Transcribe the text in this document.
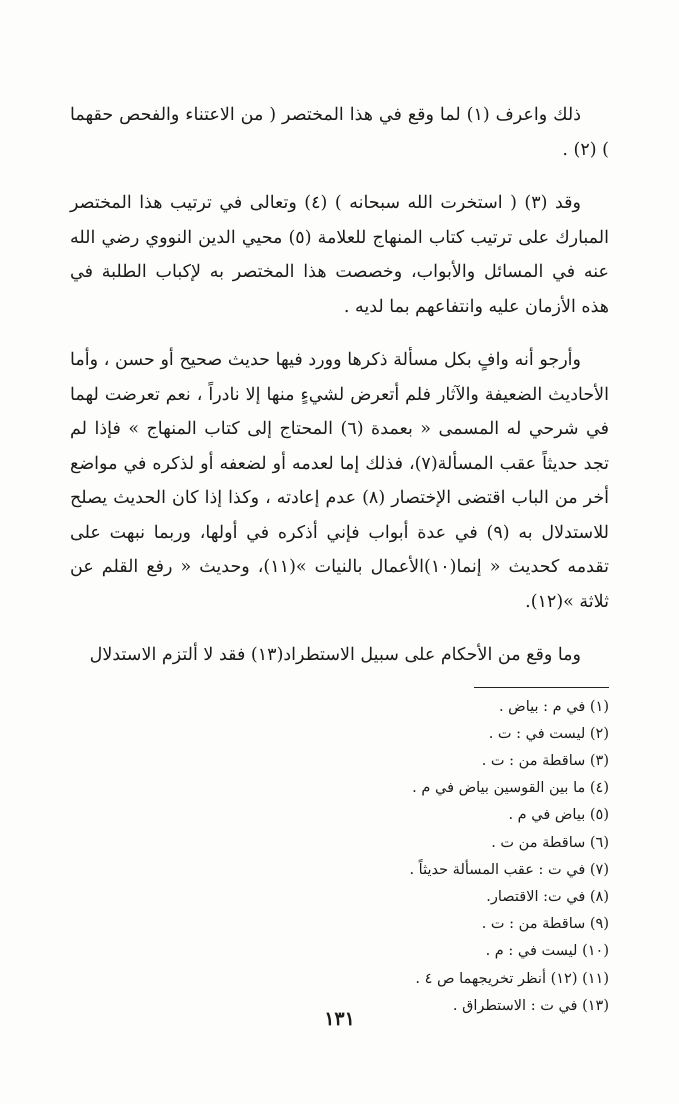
ذلك واعرف (١) لما وقع في هذا المختصر ( من الاعتناء والفحص حقهما ) (٢) .

وقد (٣) ( استخرت الله سبحانه ) (٤) وتعالى في ترتيب هذا المختصر المبارك على ترتيب كتاب المنهاج للعلامة (٥) محيي الدين النووي رضي الله عنه في المسائل والأبواب، وخصصت هذا المختصر به لإكباب الطلبة في هذه الأزمان عليه وانتفاعهم بما لديه .

وأرجو أنه وافٍ بكل مسألة ذكرها وورد فيها حديث صحيح أو حسن ، وأما الأحاديث الضعيفة والآثار فلم أتعرض لشيءٍ منها إلا نادراً ، نعم تعرضت لهما في شرحي له المسمى « بعمدة (٦) المحتاج إلى كتاب المنهاج » فإذا لم تجد حديثاً عقب المسألة(٧)، فذلك إما لعدمه أو لضعفه أو لذكره في مواضع أخر من الباب اقتضى الإختصار (٨) عدم إعادته ، وكذا إذا كان الحديث يصلح للاستدلال به (٩) في عدة أبواب فإني أذكره في أولها، وربما نبهت على تقدمه كحديث « إنما(١٠)الأعمال بالنيات »(١١)، وحديث « رفع القلم عن ثلاثة »(١٢).

وما وقع من الأحكام على سبيل الاستطراد(١٣) فقد لا ألتزم الاستدلال

(١) في م : بياض .
(٢) ليست في : ت .
(٣) ساقطة من : ت .
(٤) ما بين القوسين بياض في م .
(٥) بياض في م .
(٦) ساقطة من ت .
(٧) في ت : عقب المسألة حديثاً .
(٨) في ت: الاقتصار.
(٩) ساقطة من : ت .
(١٠) ليست في : م .
(١١) (١٢) أنظر تخريجهما ص ٤ .
(١٣) في ت : الاستطراق .
١٣١
